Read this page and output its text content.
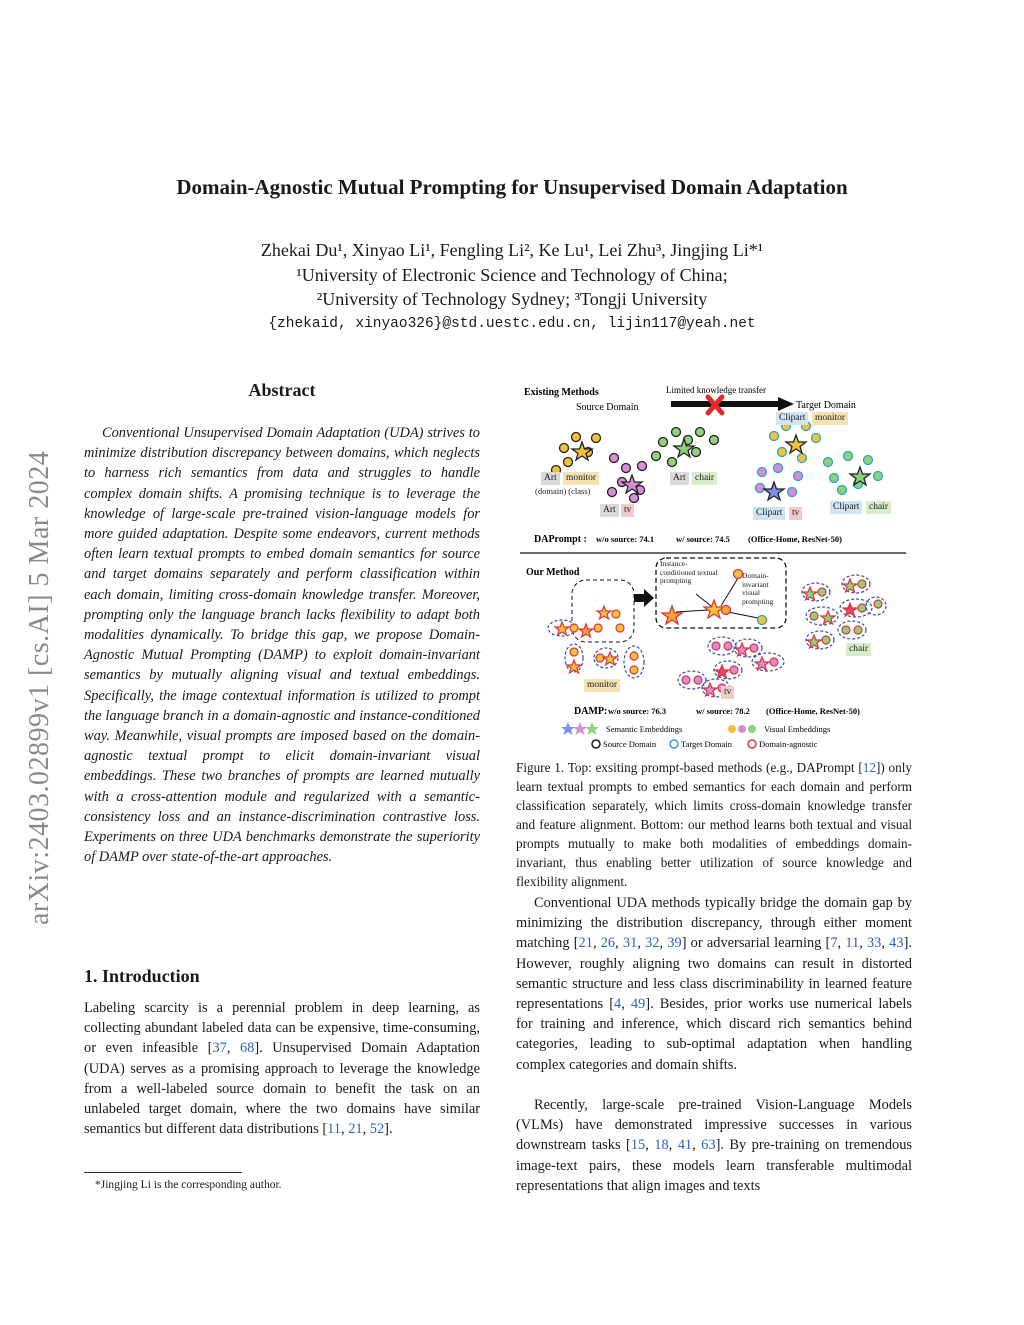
arXiv:2403.02899v1 [cs.AI] 5 Mar 2024
Domain-Agnostic Mutual Prompting for Unsupervised Domain Adaptation
Zhekai Du¹, Xinyao Li¹, Fengling Li², Ke Lu¹, Lei Zhu³, Jingjing Li*¹
¹University of Electronic Science and Technology of China;
²University of Technology Sydney; ³Tongji University
{zhekaid, xinyao326}@std.uestc.edu.cn, lijin117@yeah.net
Abstract
Conventional Unsupervised Domain Adaptation (UDA) strives to minimize distribution discrepancy between domains, which neglects to harness rich semantics from data and struggles to handle complex domain shifts. A promising technique is to leverage the knowledge of large-scale pre-trained vision-language models for more guided adaptation. Despite some endeavors, current methods often learn textual prompts to embed domain semantics for source and target domains separately and perform classification within each domain, limiting cross-domain knowledge transfer. Moreover, prompting only the language branch lacks flexibility to adapt both modalities dynamically. To bridge this gap, we propose Domain-Agnostic Mutual Prompting (DAMP) to exploit domain-invariant semantics by mutually aligning visual and textual embeddings. Specifically, the image contextual information is utilized to prompt the language branch in a domain-agnostic and instance-conditioned way. Meanwhile, visual prompts are imposed based on the domain-agnostic textual prompt to elicit domain-invariant visual embeddings. These two branches of prompts are learned mutually with a cross-attention module and regularized with a semantic-consistency loss and an instance-discrimination contrastive loss. Experiments on three UDA benchmarks demonstrate the superiority of DAMP over state-of-the-art approaches.
1. Introduction
Labeling scarcity is a perennial problem in deep learning, as collecting abundant labeled data can be expensive, time-consuming, or even infeasible [37, 68]. Unsupervised Domain Adaptation (UDA) serves as a promising approach to leverage the knowledge from a well-labeled source domain to benefit the task on an unlabeled target domain, where the two domains have similar semantics but different data distributions [11, 21, 52].
*Jingjing Li is the corresponding author.
Existing Methods
Source Domain
Limited knowledge transfer
Target Domain
DAPrompt : w/o source: 74.1	w/ source: 74.5 (Office-Home, ResNet-50)
Our Method
Instance-conditioned textual prompting
Domain-invariant visual prompting
DAMP: w/o source: 76.3	w/ source: 78.2 (Office-Home, ResNet-50)
Semantic Embeddings	Visual Embeddings
Source Domain	Target Domain	Domain-agnostic
Art monitor
(domain) (class)
Art tv
Art chair
Clipart	monitor
Clipart	tv
Clipart	chair
monitor
tv
chair
Figure 1. Top: exsiting prompt-based methods (e.g., DAPrompt [12]) only learn textual prompts to embed semantics for each domain and perform classification separately, which limits cross-domain knowledge transfer and feature alignment. Bottom: our method learns both textual and visual prompts mutually to make both modalities of embeddings domain-invariant, thus enabling better utilization of source knowledge and flexibility alignment.
Conventional UDA methods typically bridge the domain gap by minimizing the distribution discrepancy, through either moment matching [21, 26, 31, 32, 39] or adversarial learning [7, 11, 33, 43]. However, roughly aligning two domains can result in distorted semantic structure and less class discriminability in learned feature representations [4, 49]. Besides, prior works use numerical labels for training and inference, which discard rich semantics behind categories, leading to sub-optimal adaptation when handling complex categories and domain shifts.
Recently, large-scale pre-trained Vision-Language Models (VLMs) have demonstrated impressive successes in various downstream tasks [15, 18, 41, 63]. By pre-training on tremendous image-text pairs, these models learn transferable multimodal representations that align images and texts
